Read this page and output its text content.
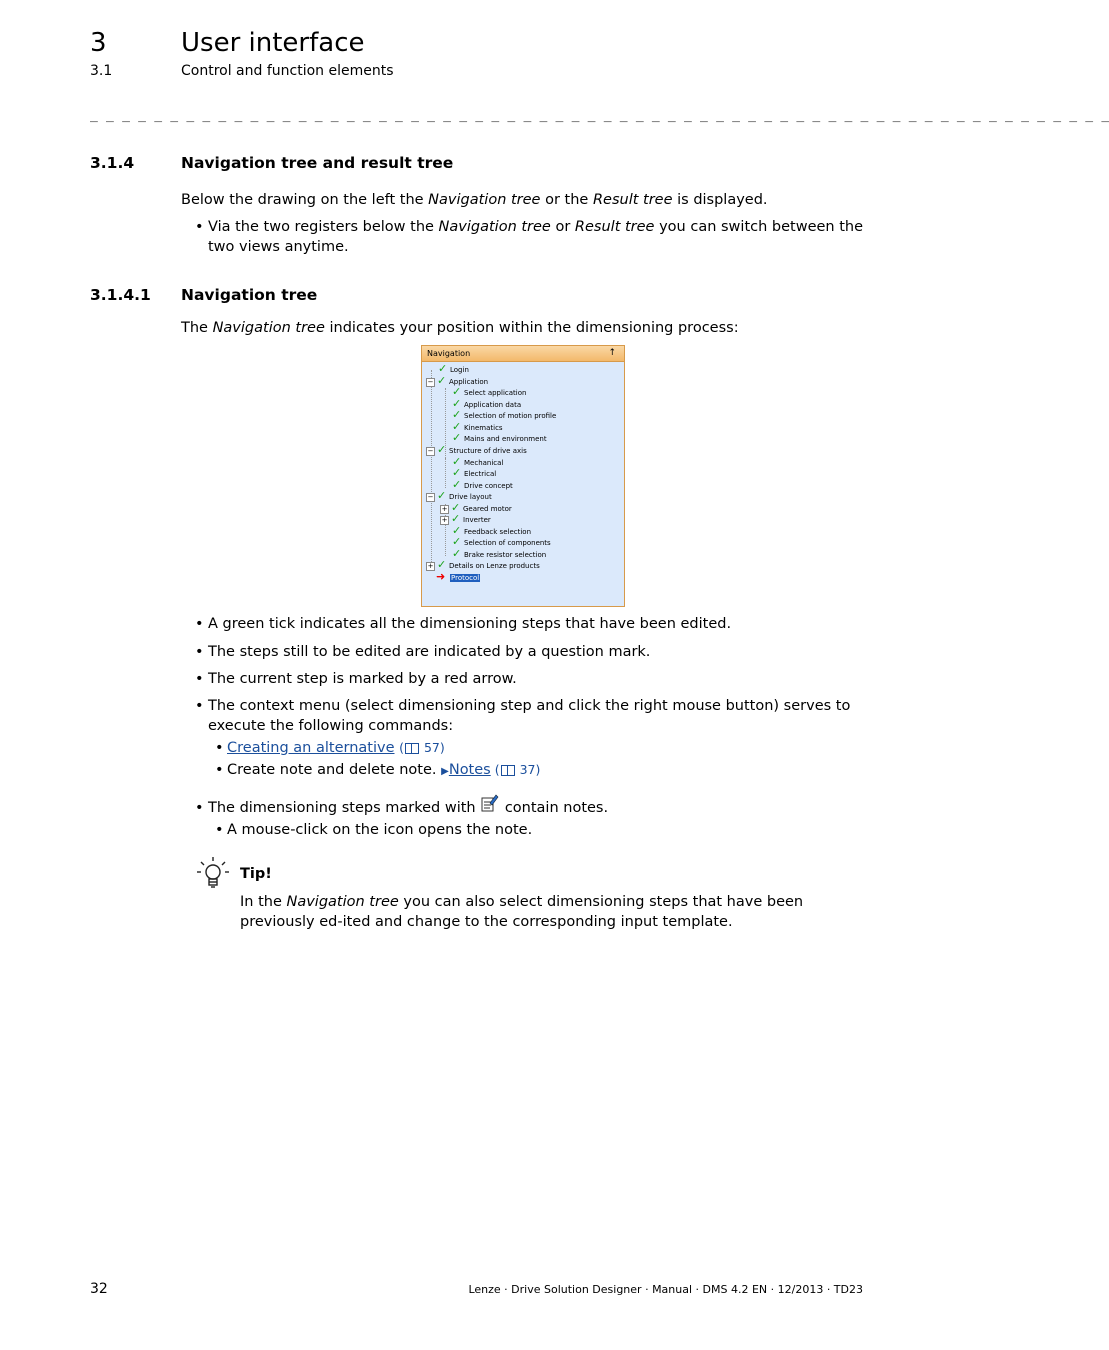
3	User interface
3.1	Control and function elements
_ _ _ _ _ _ _ _ _ _ _ _ _ _ _ _ _ _ _ _ _ _ _ _ _ _ _ _ _ _ _ _ _ _ _ _ _ _ _ _ _ _ _ _ _ _ _ _ _ _ _ _ _ _ _ _ _ _ _ _ _ _ _ _
3.1.4	Navigation tree and result tree
Below the drawing on the left the Navigation tree or the Result tree is displayed.
• Via the two registers below the Navigation tree or Result tree you can switch between the two views anytime.
3.1.4.1 Navigation tree
The Navigation tree indicates your position within the dimensioning process:
Navigation	↑
✓ Login
− ✓ Application
✓ Select application
✓ Application data
✓ Selection of motion profile
✓ Kinematics
✓ Mains and environment
− ✓ Structure of drive axis
✓ Mechanical
✓ Electrical
✓ Drive concept
− ✓ Drive layout
+ ✓ Geared motor
+ ✓ Inverter
✓ Feedback selection
✓ Selection of components
✓ Brake resistor selection
+ ✓ Details on Lenze products
➜ Protocol
A green tick indicates all the dimensioning steps that have been edited.
•
The steps still to be edited are indicated by a question mark.
•
The current step is marked by a red arrow.
•
The context menu (select dimensioning step and click the right mouse button) serves to execute the following commands:
•
• Creating an alternative ( 57)
• Create note and delete note. ▶Notes ( 37)
• The dimensioning steps marked with
contain notes.
• A mouse-click on the icon opens the note.
Tip!
In the Navigation tree you can also select dimensioning steps that have been previously ed-ited and change to the corresponding input template.
32	Lenze · Drive Solution Designer · Manual · DMS 4.2 EN · 12/2013 · TD23
